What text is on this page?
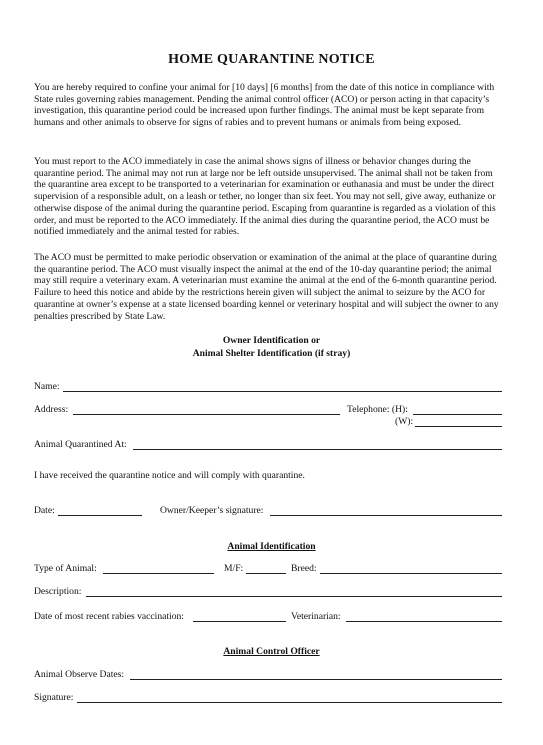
HOME QUARANTINE NOTICE

You are hereby required to confine your animal for [10 days] [6 months] from the date of this notice in compliance with State rules governing rabies management. Pending the animal control officer (ACO) or person acting in that capacity’s investigation, this quarantine period could be increased upon further findings. The animal must be kept separate from humans and other animals to observe for signs of rabies and to prevent humans or animals from being exposed.

You must report to the ACO immediately in case the animal shows signs of illness or behavior changes during the quarantine period. The animal may not run at large nor be left outside unsupervised. The animal shall not be taken from the quarantine area except to be transported to a veterinarian for examination or euthanasia and must be under the direct supervision of a responsible adult, on a leash or tether, no longer than six feet. You may not sell, give away, euthanize or otherwise dispose of the animal during the quarantine period. Escaping from quarantine is regarded as a violation of this order, and must be reported to the ACO immediately. If the animal dies during the quarantine period, the ACO must be notified immediately and the animal tested for rabies.

The ACO must be permitted to make periodic observation or examination of the animal at the place of quarantine during the quarantine period. The ACO must visually inspect the animal at the end of the 10-day quarantine period; the animal may still require a veterinary exam. A veterinarian must examine the animal at the end of the 6-month quarantine period. Failure to heed this notice and abide by the restrictions herein given will subject the animal to seizure by the ACO for quarantine at owner’s expense at a state licensed boarding kennel or veterinary hospital and will subject the owner to any penalties prescribed by State Law.

Owner Identification or
Animal Shelter Identification (if stray)
Name:
Address:	Telephone: (H):
(W):
Animal Quarantined At:
I have received the quarantine notice and will comply with quarantine.
Date:	Owner/Keeper’s signature:
Animal Identification
Type of Animal:	M/F:	Breed:
Description:
Date of most recent rabies vaccination:	Veterinarian:
Animal Control Officer
Animal Observe Dates:
Signature:
